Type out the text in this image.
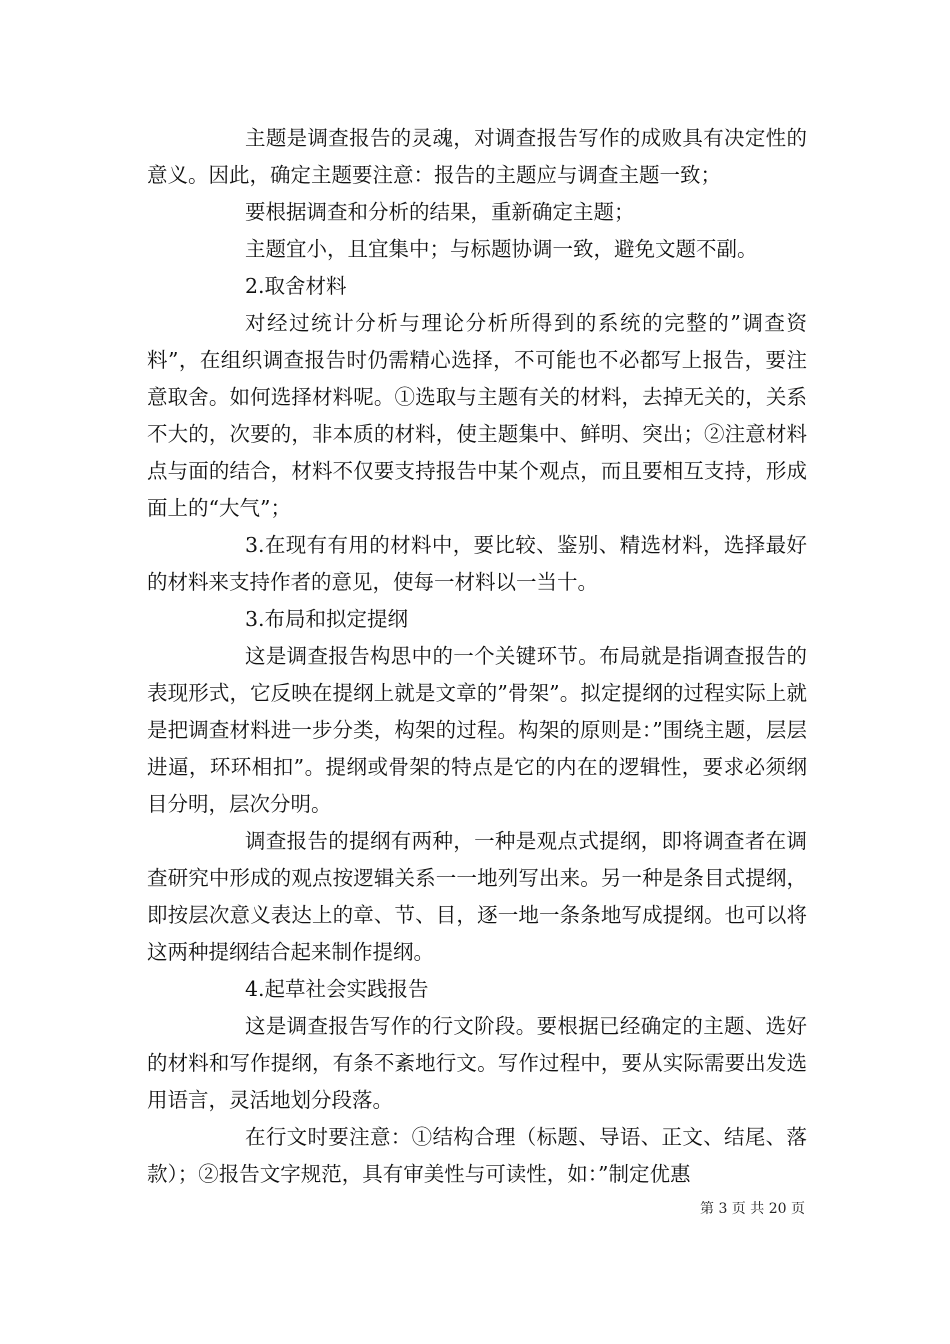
主题是调查报告的灵魂，对调查报告写作的成败具有决定性的意义。因此，确定主题要注意：报告的主题应与调查主题一致；

要根据调查和分析的结果，重新确定主题；

主题宜小，且宜集中；与标题协调一致，避免文题不副。

2.取舍材料

对经过统计分析与理论分析所得到的系统的完整的”调查资料”，在组织调查报告时仍需精心选择，不可能也不必都写上报告，要注意取舍。如何选择材料呢。①选取与主题有关的材料，去掉无关的，关系不大的，次要的，非本质的材料，使主题集中、鲜明、突出；②注意材料点与面的结合，材料不仅要支持报告中某个观点，而且要相互支持，形成面上的“大气”；

3.在现有有用的材料中，要比较、鉴别、精选材料，选择最好的材料来支持作者的意见，使每一材料以一当十。

3.布局和拟定提纲

这是调查报告构思中的一个关键环节。布局就是指调查报告的表现形式，它反映在提纲上就是文章的”骨架”。拟定提纲的过程实际上就是把调查材料进一步分类，构架的过程。构架的原则是：”围绕主题，层层进逼，环环相扣”。提纲或骨架的特点是它的内在的逻辑性，要求必须纲目分明，层次分明。

调查报告的提纲有两种，一种是观点式提纲，即将调查者在调查研究中形成的观点按逻辑关系一一地列写出来。另一种是条目式提纲，即按层次意义表达上的章、节、目，逐一地一条条地写成提纲。也可以将这两种提纲结合起来制作提纲。

4.起草社会实践报告

这是调查报告写作的行文阶段。要根据已经确定的主题、选好的材料和写作提纲，有条不紊地行文。写作过程中，要从实际需要出发选用语言，灵活地划分段落。

在行文时要注意：①结构合理（标题、导语、正文、结尾、落款）；②报告文字规范，具有审美性与可读性，如：”制定优惠

第 3 页 共 20 页
